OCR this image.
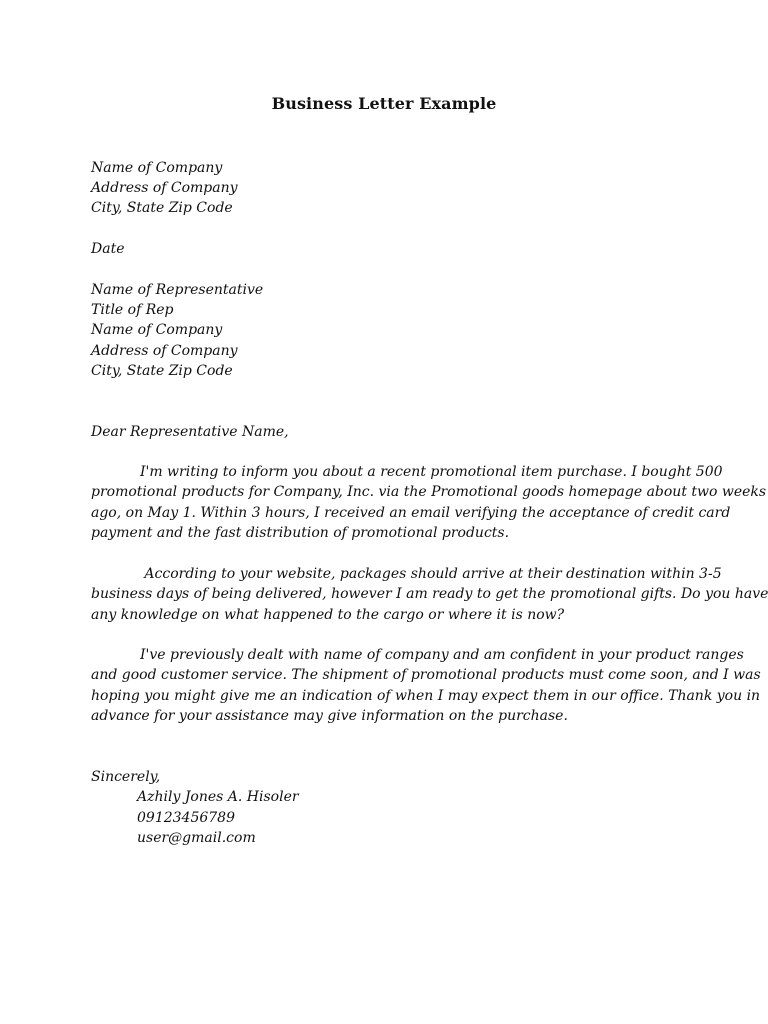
Business Letter Example
Name of Company
Address of Company
City, State Zip Code
Date
Name of Representative
Title of Rep
Name of Company
Address of Company
City, State Zip Code
Dear Representative Name,
I'm writing to inform you about a recent promotional item purchase. I bought 500
promotional products for Company, Inc. via the Promotional goods homepage about two weeks
ago, on May 1. Within 3 hours, I received an email verifying the acceptance of credit card
payment and the fast distribution of promotional products.
According to your website, packages should arrive at their destination within 3-5
business days of being delivered, however I am ready to get the promotional gifts. Do you have
any knowledge on what happened to the cargo or where it is now?
I've previously dealt with name of company and am confident in your product ranges
and good customer service. The shipment of promotional products must come soon, and I was
hoping you might give me an indication of when I may expect them in our office. Thank you in
advance for your assistance may give information on the purchase.
Sincerely,
Azhily Jones A. Hisoler
09123456789
user@gmail.com
